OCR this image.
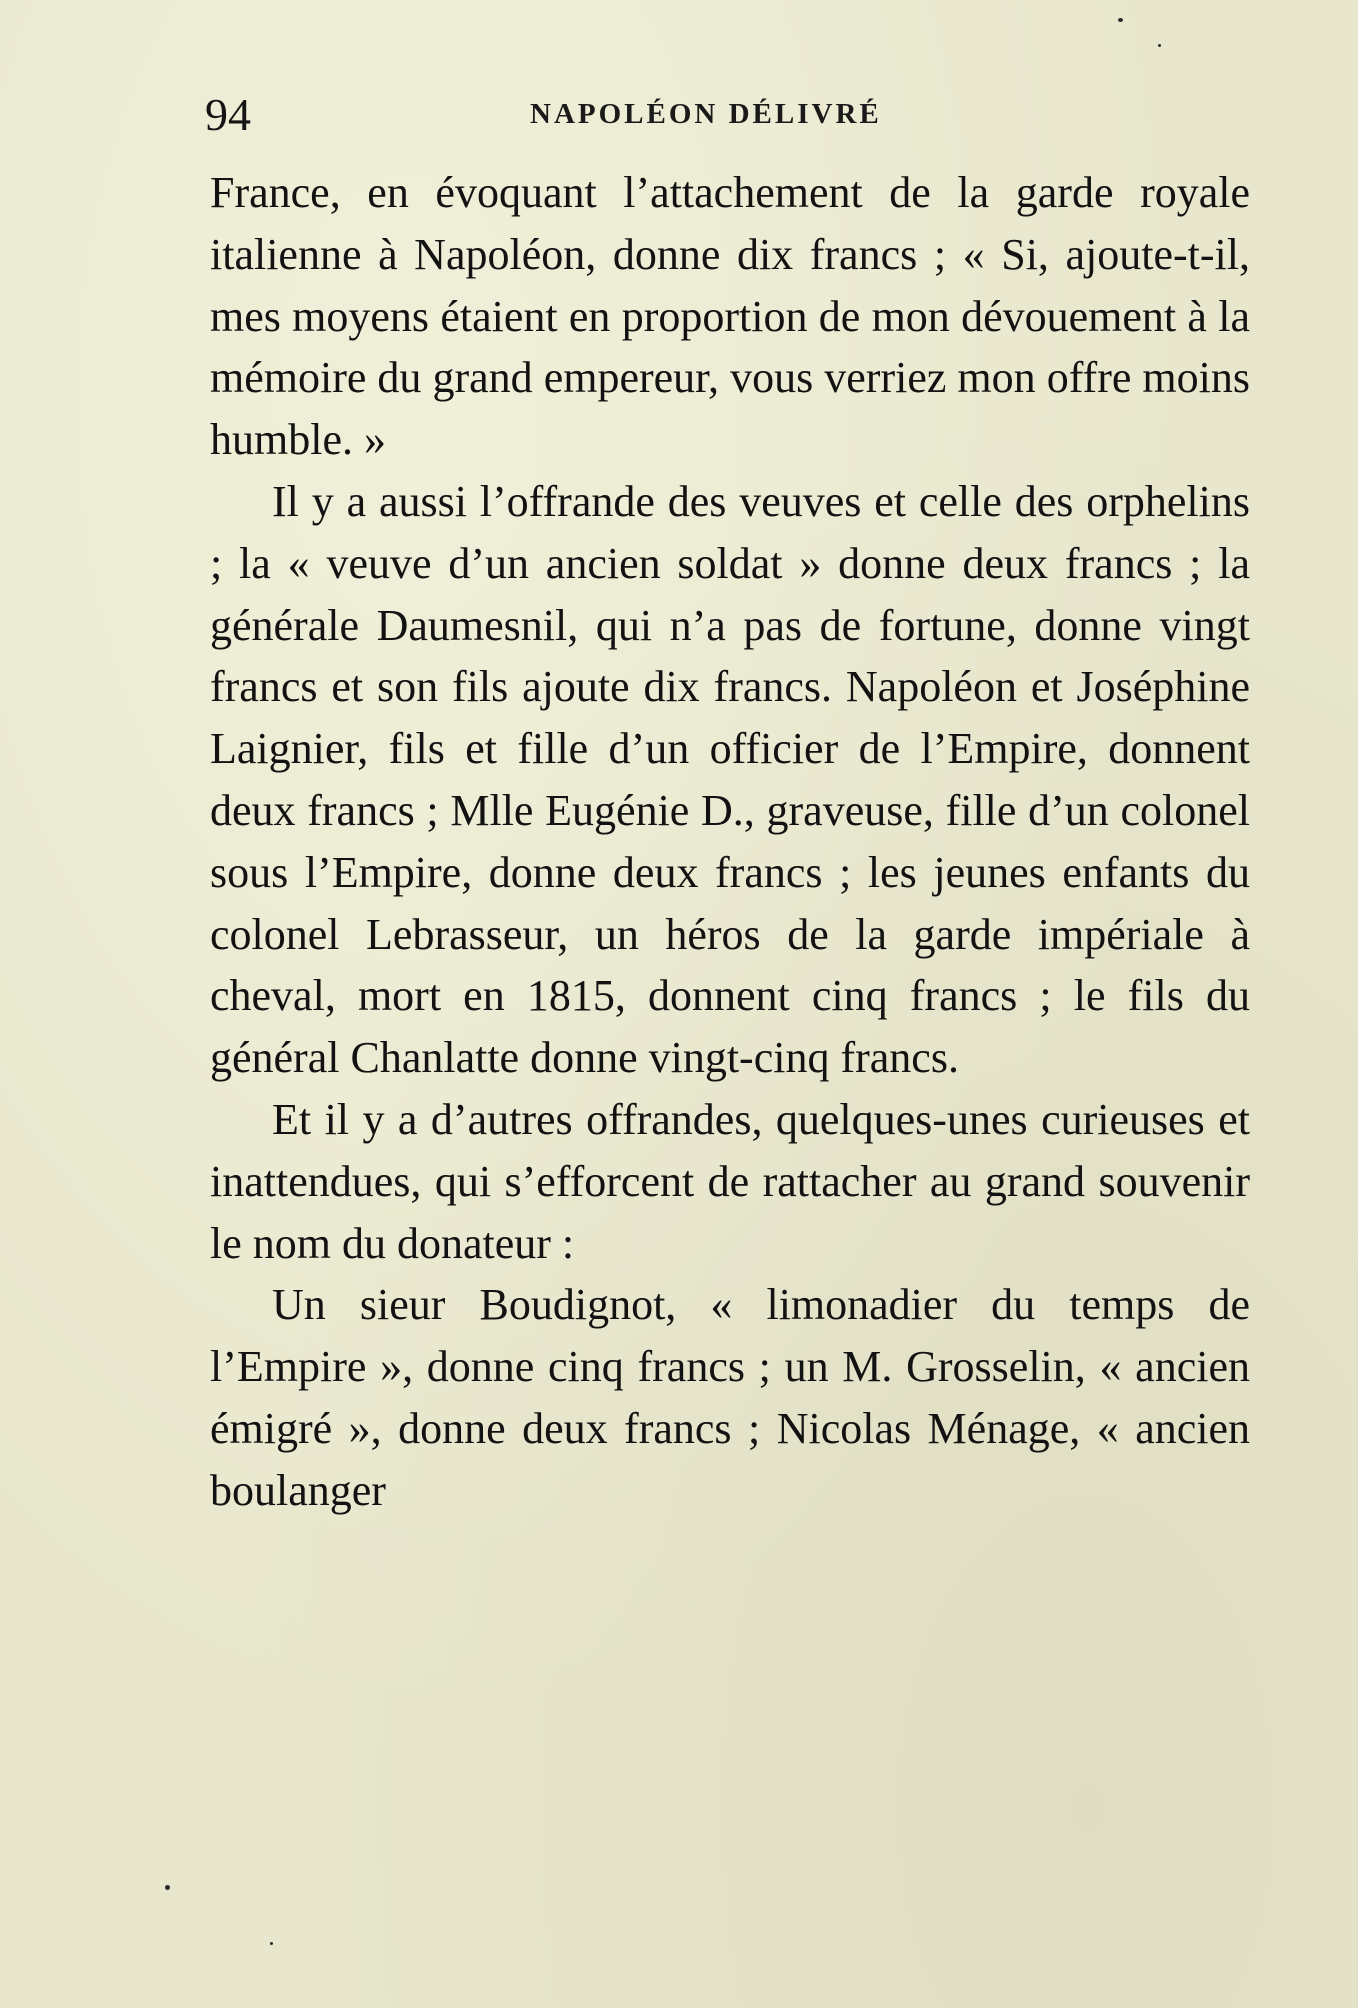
94	NAPOLÉON DÉLIVRÉ

France, en évoquant l’attachement de la garde royale italienne à Napoléon, donne dix francs ; « Si, ajoute-t-il, mes moyens étaient en proportion de mon dévouement à la mémoire du grand empereur, vous verriez mon offre moins humble. »

Il y a aussi l’offrande des veuves et celle des orphelins ; la « veuve d’un ancien soldat » donne deux francs ; la générale Daumesnil, qui n’a pas de fortune, donne vingt francs et son fils ajoute dix francs. Napoléon et Joséphine Laignier, fils et fille d’un officier de l’Empire, donnent deux francs ; Mlle Eugénie D., graveuse, fille d’un colonel sous l’Empire, donne deux francs ; les jeunes enfants du colonel Lebrasseur, un héros de la garde impériale à cheval, mort en 1815, donnent cinq francs ; le fils du général Chanlatte donne vingt-cinq francs.

Et il y a d’autres offrandes, quelques-unes curieuses et inattendues, qui s’efforcent de rattacher au grand souvenir le nom du donateur :

Un sieur Boudignot, « limonadier du temps de l’Empire », donne cinq francs ; un M. Grosselin, « ancien émigré », donne deux francs ; Nicolas Ménage, « ancien boulanger
